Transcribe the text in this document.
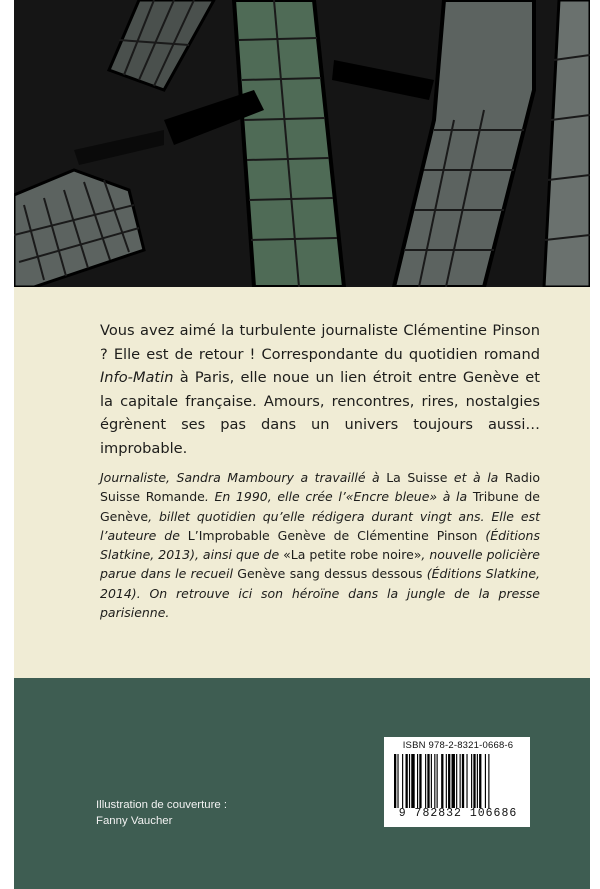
Vous avez aimé la turbulente journaliste Clémentine Pinson ? Elle est de retour ! Correspondante du quotidien romand Info-Matin à Paris, elle noue un lien étroit entre Genève et la capitale française. Amours, rencontres, rires, nostalgies égrènent ses pas dans un univers toujours aussi… improbable.

Journaliste, Sandra Mamboury a travaillé à La Suisse et à la Radio Suisse Romande. En 1990, elle crée l’«Encre bleue» à la Tribune de Genève, billet quotidien qu’elle rédigera durant vingt ans. Elle est l’auteure de L’Improbable Genève de Clémentine Pinson (Éditions Slatkine, 2013), ainsi que de «La petite robe noire», nouvelle policière parue dans le recueil Genève sang dessus dessous (Éditions Slatkine, 2014). On retrouve ici son héroïne dans la jungle de la presse parisienne.

Illustration de couverture :
Fanny Vaucher
ISBN 978-2-8321-0668-6
9 782832 106686
